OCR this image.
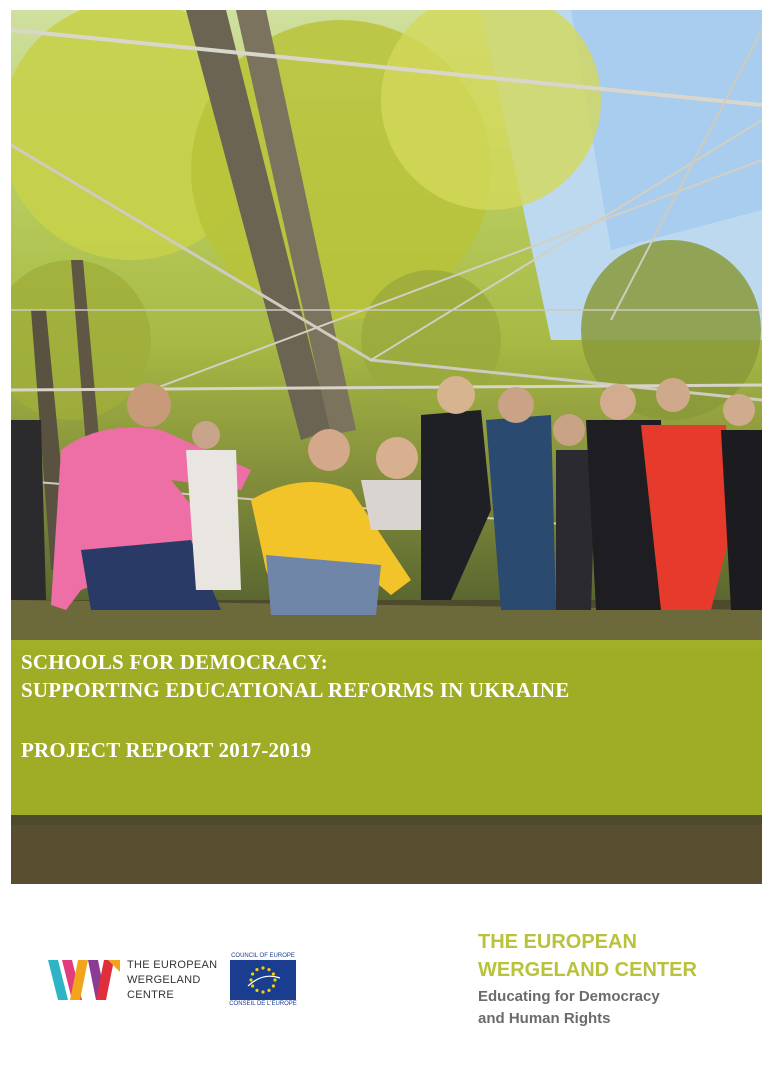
SCHOOLS FOR DEMOCRACY:
SUPPORTING EDUCATIONAL REFORMS IN UKRAINE
PROJECT REPORT 2017-2019
THE EUROPEAN
WERGELAND
CENTRE
COUNCIL OF EUROPE
CONSEIL DE L'EUROPE
THE EUROPEAN
WERGELAND CENTER
Educating for Democracy
and Human Rights
